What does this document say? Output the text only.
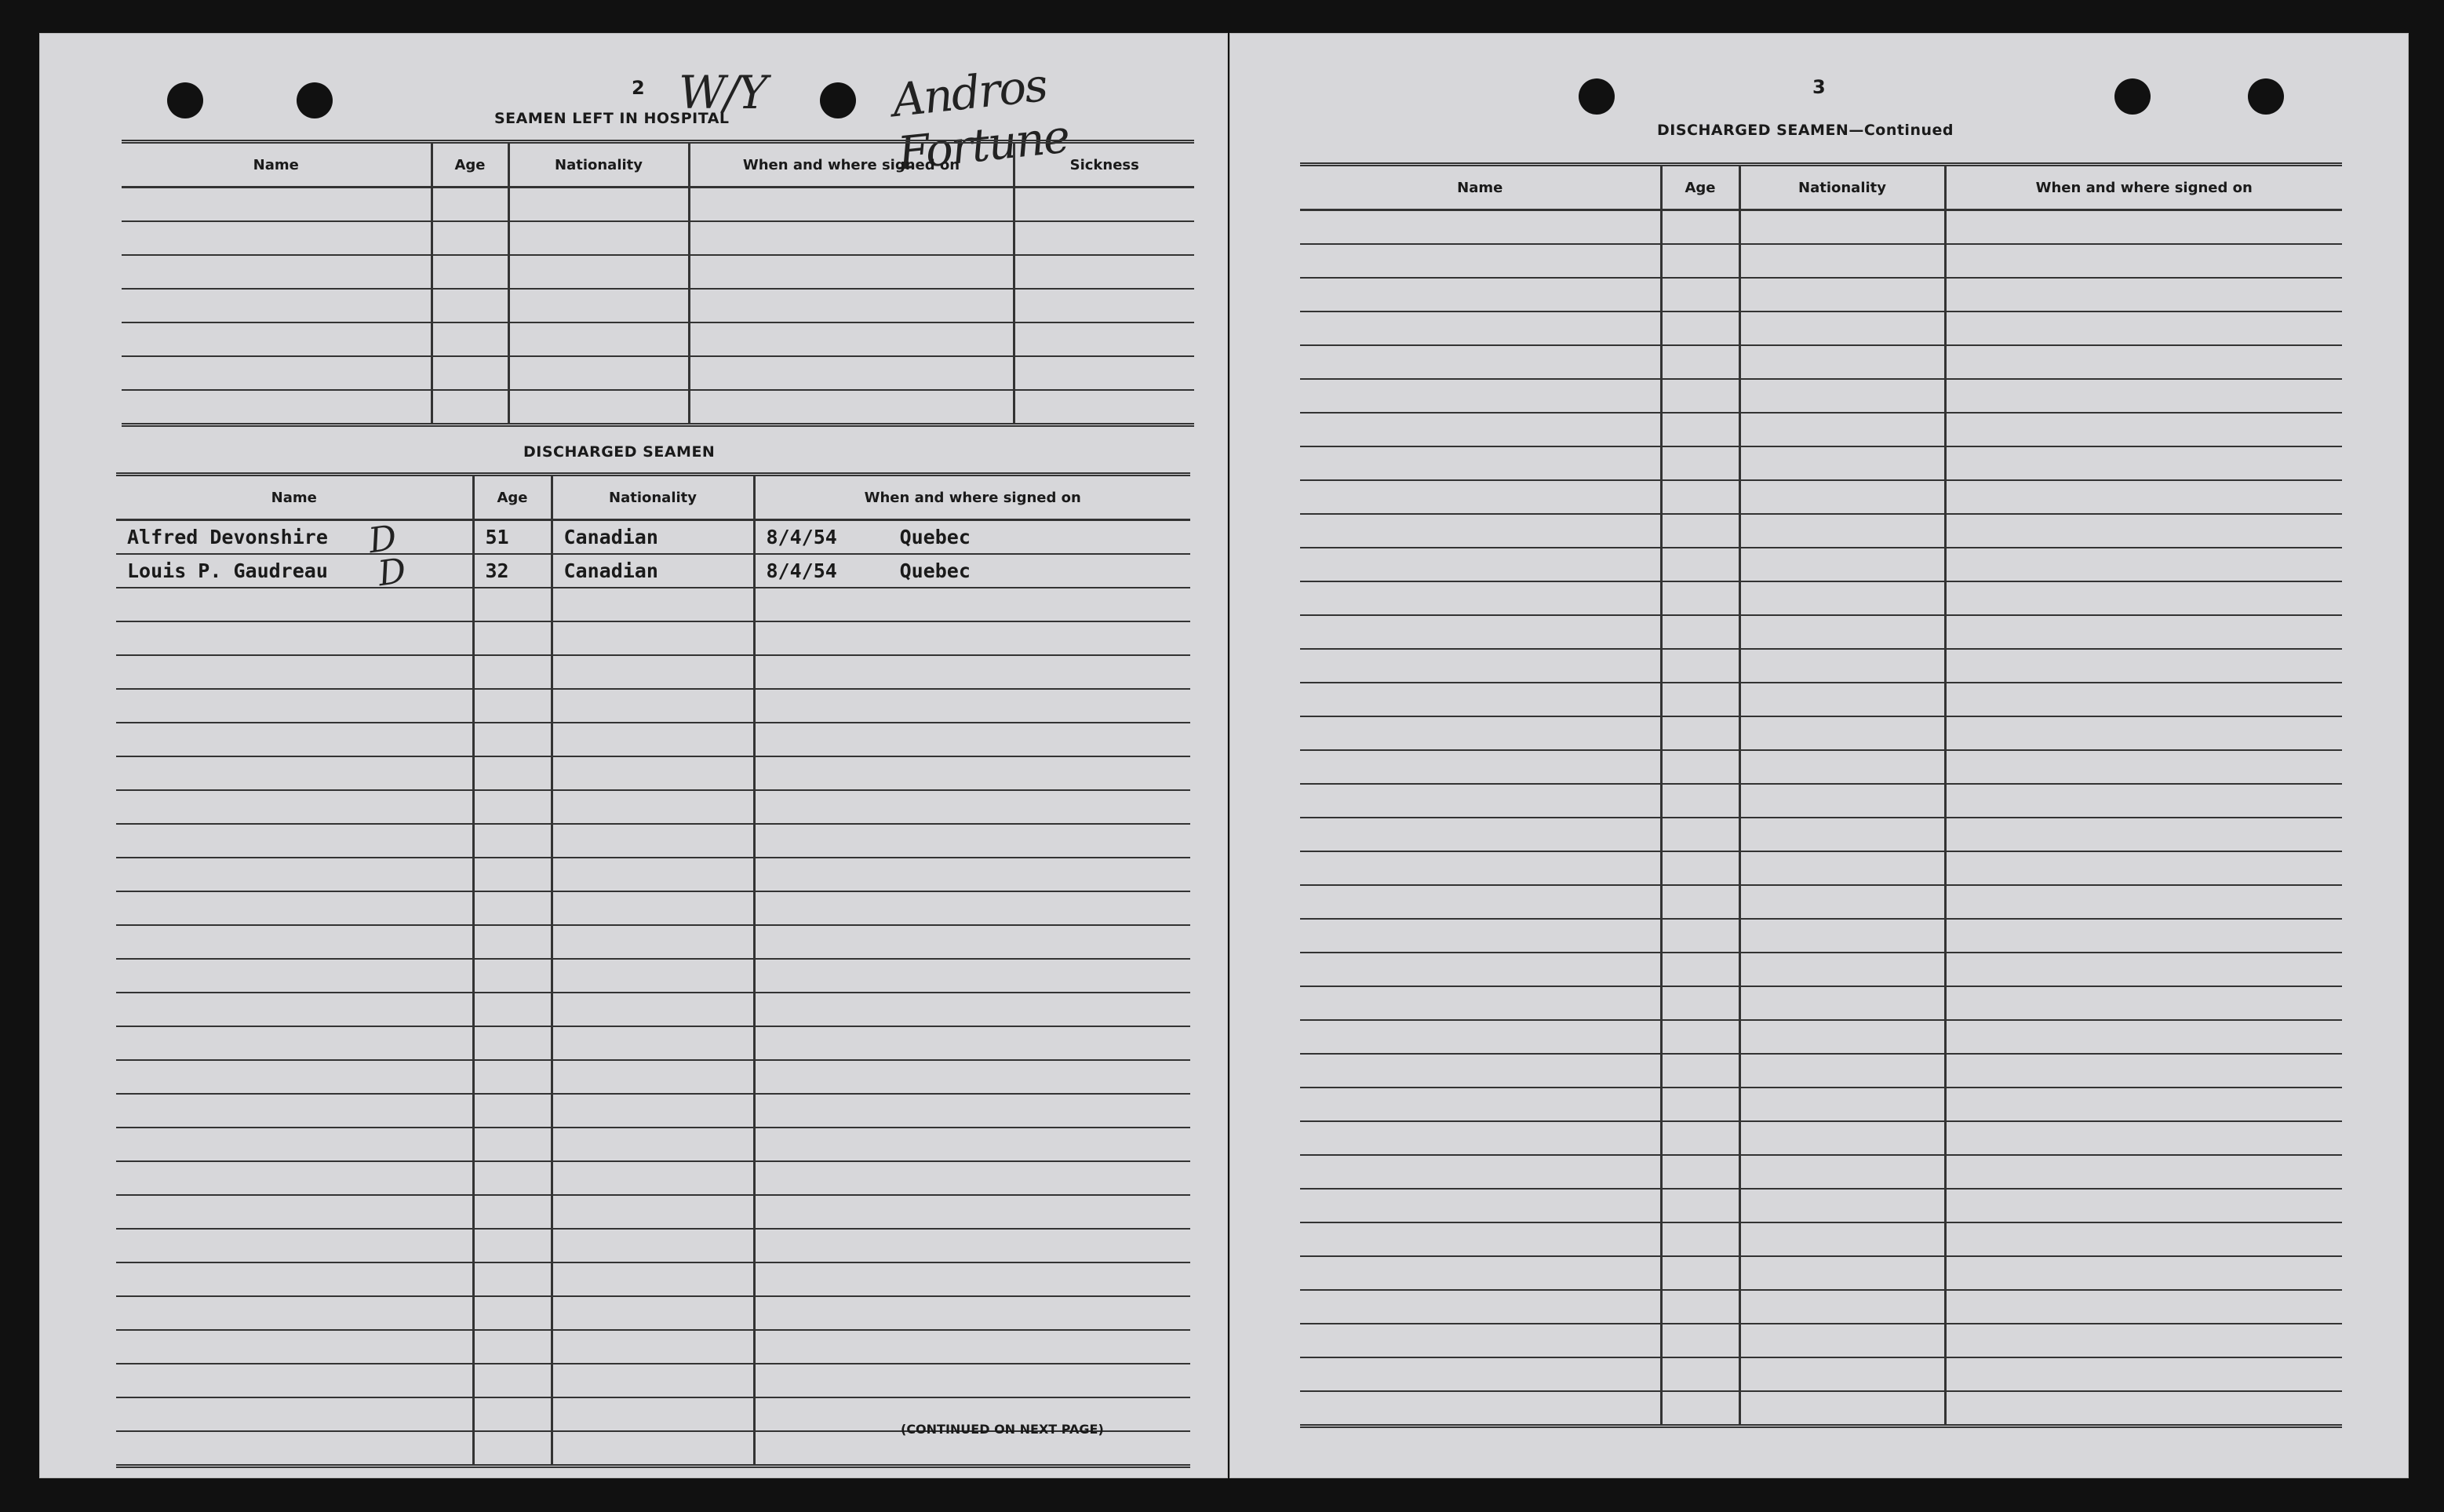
2 W/Y	Andros Fortune
SEAMEN LEFT IN HOSPITAL
Name	Age	Nationality	When and where signed on	Sickness

DISCHARGED SEAMEN
Name	Age	Nationality	When and where signed on
Alfred Devonshire	51	Canadian	8/4/54 Quebec
Louis P. Gaudreau	32	Canadian	8/4/54 Quebec

D
D
(CONTINUED ON NEXT PAGE)
3
DISCHARGED SEAMEN—Continued
Name	Age	Nationality	When and where signed on
